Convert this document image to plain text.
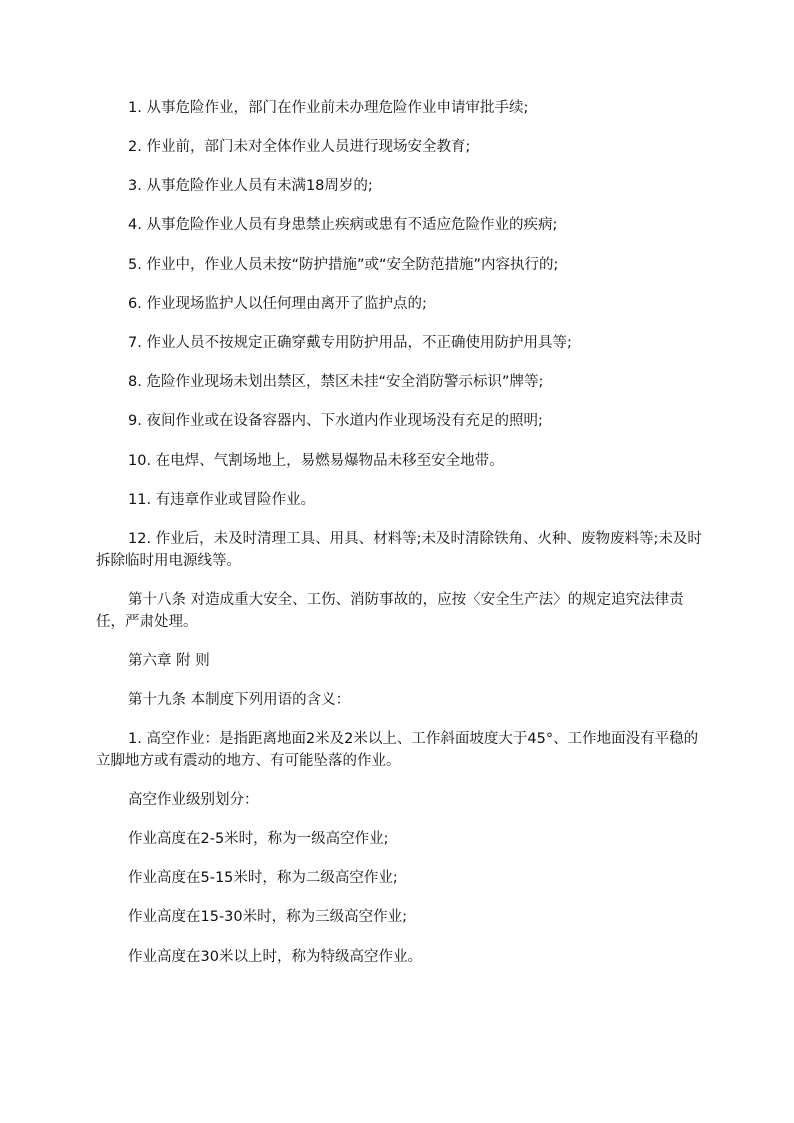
1. 从事危险作业，部门在作业前未办理危险作业申请审批手续;

2. 作业前，部门未对全体作业人员进行现场安全教育;

3. 从事危险作业人员有未满18周岁的;

4. 从事危险作业人员有身患禁止疾病或患有不适应危险作业的疾病;

5. 作业中，作业人员未按“防护措施”或“安全防范措施”内容执行的;

6. 作业现场监护人以任何理由离开了监护点的;

7. 作业人员不按规定正确穿戴专用防护用品，不正确使用防护用具等;

8. 危险作业现场未划出禁区，禁区未挂“安全消防警示标识”牌等;

9. 夜间作业或在设备容器内、下水道内作业现场没有充足的照明;

10. 在电焊、气割场地上，易燃易爆物品未移至安全地带。

11. 有违章作业或冒险作业。

12. 作业后，未及时清理工具、用具、材料等;未及时清除铁角、火种、废物废料等;未及时拆除临时用电源线等。

第十八条 对造成重大安全、工伤、消防事故的，应按〈安全生产法〉的规定追究法律责任，严肃处理。

第六章 附 则

第十九条 本制度下列用语的含义：

1. 高空作业：是指距离地面2米及2米以上、工作斜面坡度大于45°、工作地面没有平稳的立脚地方或有震动的地方、有可能坠落的作业。

高空作业级别划分：

作业高度在2-5米时，称为一级高空作业;

作业高度在5-15米时，称为二级高空作业;

作业高度在15-30米时，称为三级高空作业;

作业高度在30米以上时，称为特级高空作业。
